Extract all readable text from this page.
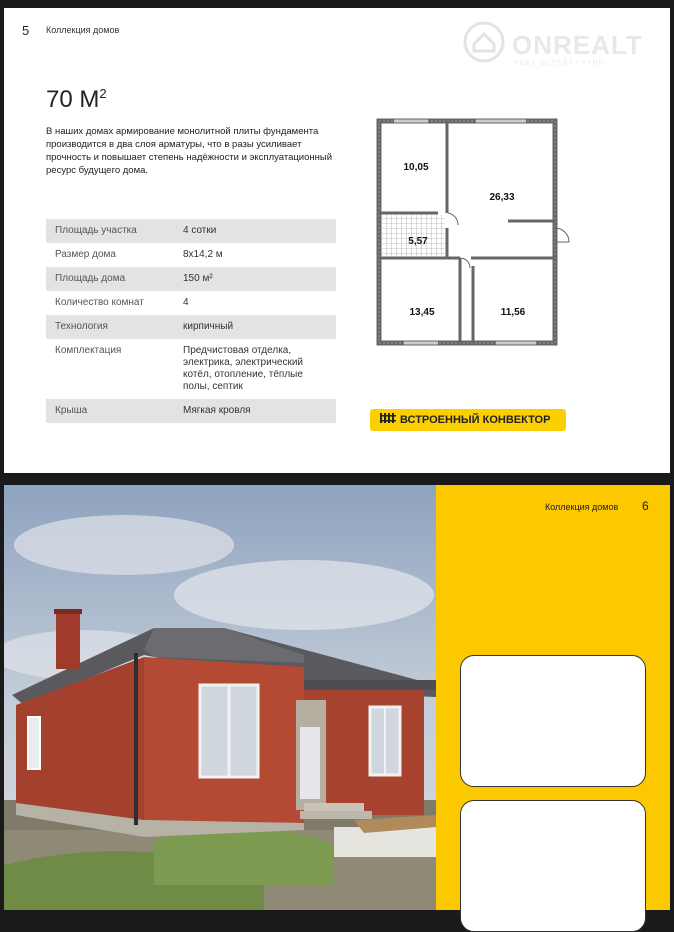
5 Коллекция домов	ONREALT
РЕАЛ ЭСТЕЙТ ГРУПП
70 $М^2$
В наших домах армирование монолитной плиты фундамента производится в два слоя арматуры, что в разы усиливает прочность и повышает степень надёжности и эксплуатационный ресурс будущего дома.
Площадь участка	4 сотки
Размер дома	8х14,2 м
Площадь дома	150 м²
Количество комнат	4
Технология	кирпичный
Комплектация	Предчистовая отделка, электрика, электрический котёл, отопление, тёплые полы, септик
Крыша	Мягкая кровля
10,05
26,33
5,57
13,45	11,56
ВСТРОЕННЫЙ КОНВЕКТОР
Коллекция домов 6
